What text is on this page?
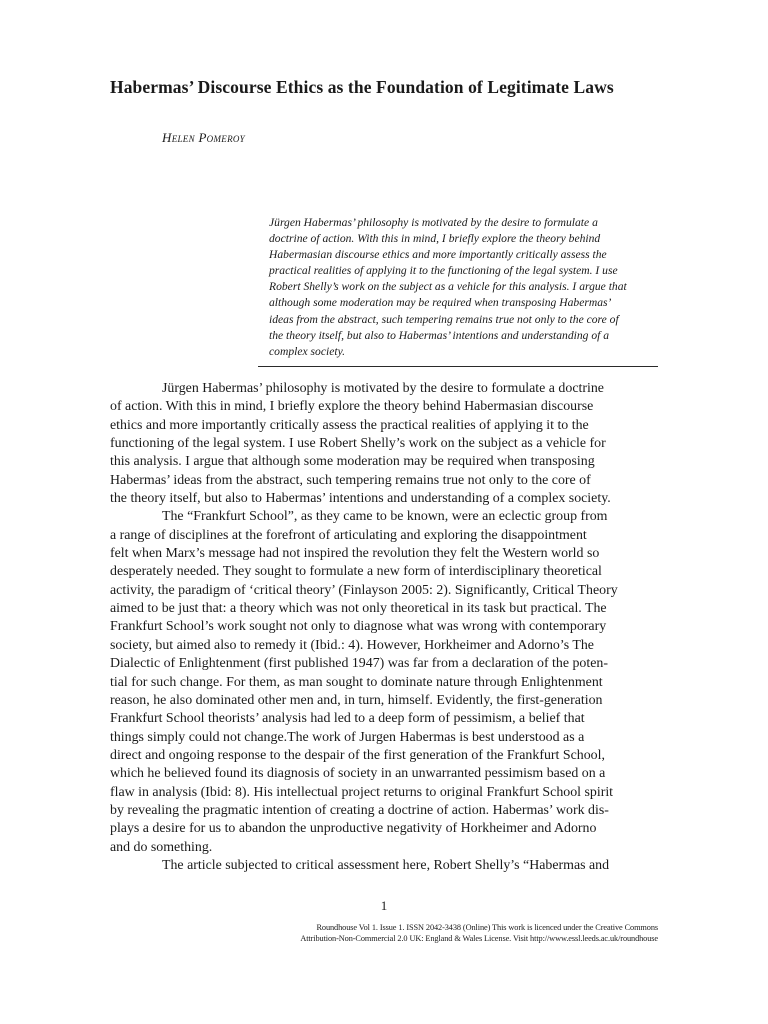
Habermas’ Discourse Ethics as the Foundation of Legitimate Laws
Helen Pomeroy
Jürgen Habermas’ philosophy is motivated by the desire to formulate a
doctrine of action. With this in mind, I briefly explore the theory behind
Habermasian discourse ethics and more importantly critically assess the
practical realities of applying it to the functioning of the legal system. I use
Robert Shelly’s work on the subject as a vehicle for this analysis. I argue that
although some moderation may be required when transposing Habermas’
ideas from the abstract, such tempering remains true not only to the core of
the theory itself, but also to Habermas’ intentions and understanding of a
complex society.
Jürgen Habermas’ philosophy is motivated by the desire to formulate a doctrine
of action. With this in mind, I briefly explore the theory behind Habermasian discourse
ethics and more importantly critically assess the practical realities of applying it to the
functioning of the legal system. I use Robert Shelly’s work on the subject as a vehicle for
this analysis. I argue that although some moderation may be required when transposing
Habermas’ ideas from the abstract, such tempering remains true not only to the core of
the theory itself, but also to Habermas’ intentions and understanding of a complex society.
The “Frankfurt School”, as they came to be known, were an eclectic group from
a range of disciplines at the forefront of articulating and exploring the disappointment
felt when Marx’s message had not inspired the revolution they felt the Western world so
desperately needed. They sought to formulate a new form of interdisciplinary theoretical
activity, the paradigm of ‘critical theory’ (Finlayson 2005: 2). Significantly, Critical Theory
aimed to be just that: a theory which was not only theoretical in its task but practical. The
Frankfurt School’s work sought not only to diagnose what was wrong with contemporary
society, but aimed also to remedy it (Ibid.: 4). However, Horkheimer and Adorno’s The
Dialectic of Enlightenment (first published 1947) was far from a declaration of the poten-
tial for such change. For them, as man sought to dominate nature through Enlightenment
reason, he also dominated other men and, in turn, himself. Evidently, the first-generation
Frankfurt School theorists’ analysis had led to a deep form of pessimism, a belief that
things simply could not change.The work of Jurgen Habermas is best understood as a
direct and ongoing response to the despair of the first generation of the Frankfurt School,
which he believed found its diagnosis of society in an unwarranted pessimism based on a
flaw in analysis (Ibid: 8). His intellectual project returns to original Frankfurt School spirit
by revealing the pragmatic intention of creating a doctrine of action. Habermas’ work dis-
plays a desire for us to abandon the unproductive negativity of Horkheimer and Adorno
and do something.
The article subjected to critical assessment here, Robert Shelly’s “Habermas and
1
Roundhouse Vol 1. Issue 1. ISSN 2042-3438 (Online) This work is licenced under the Creative Commons
Attribution-Non-Commercial 2.0 UK: England & Wales License. Visit http://www.essl.leeds.ac.uk/roundhouse
